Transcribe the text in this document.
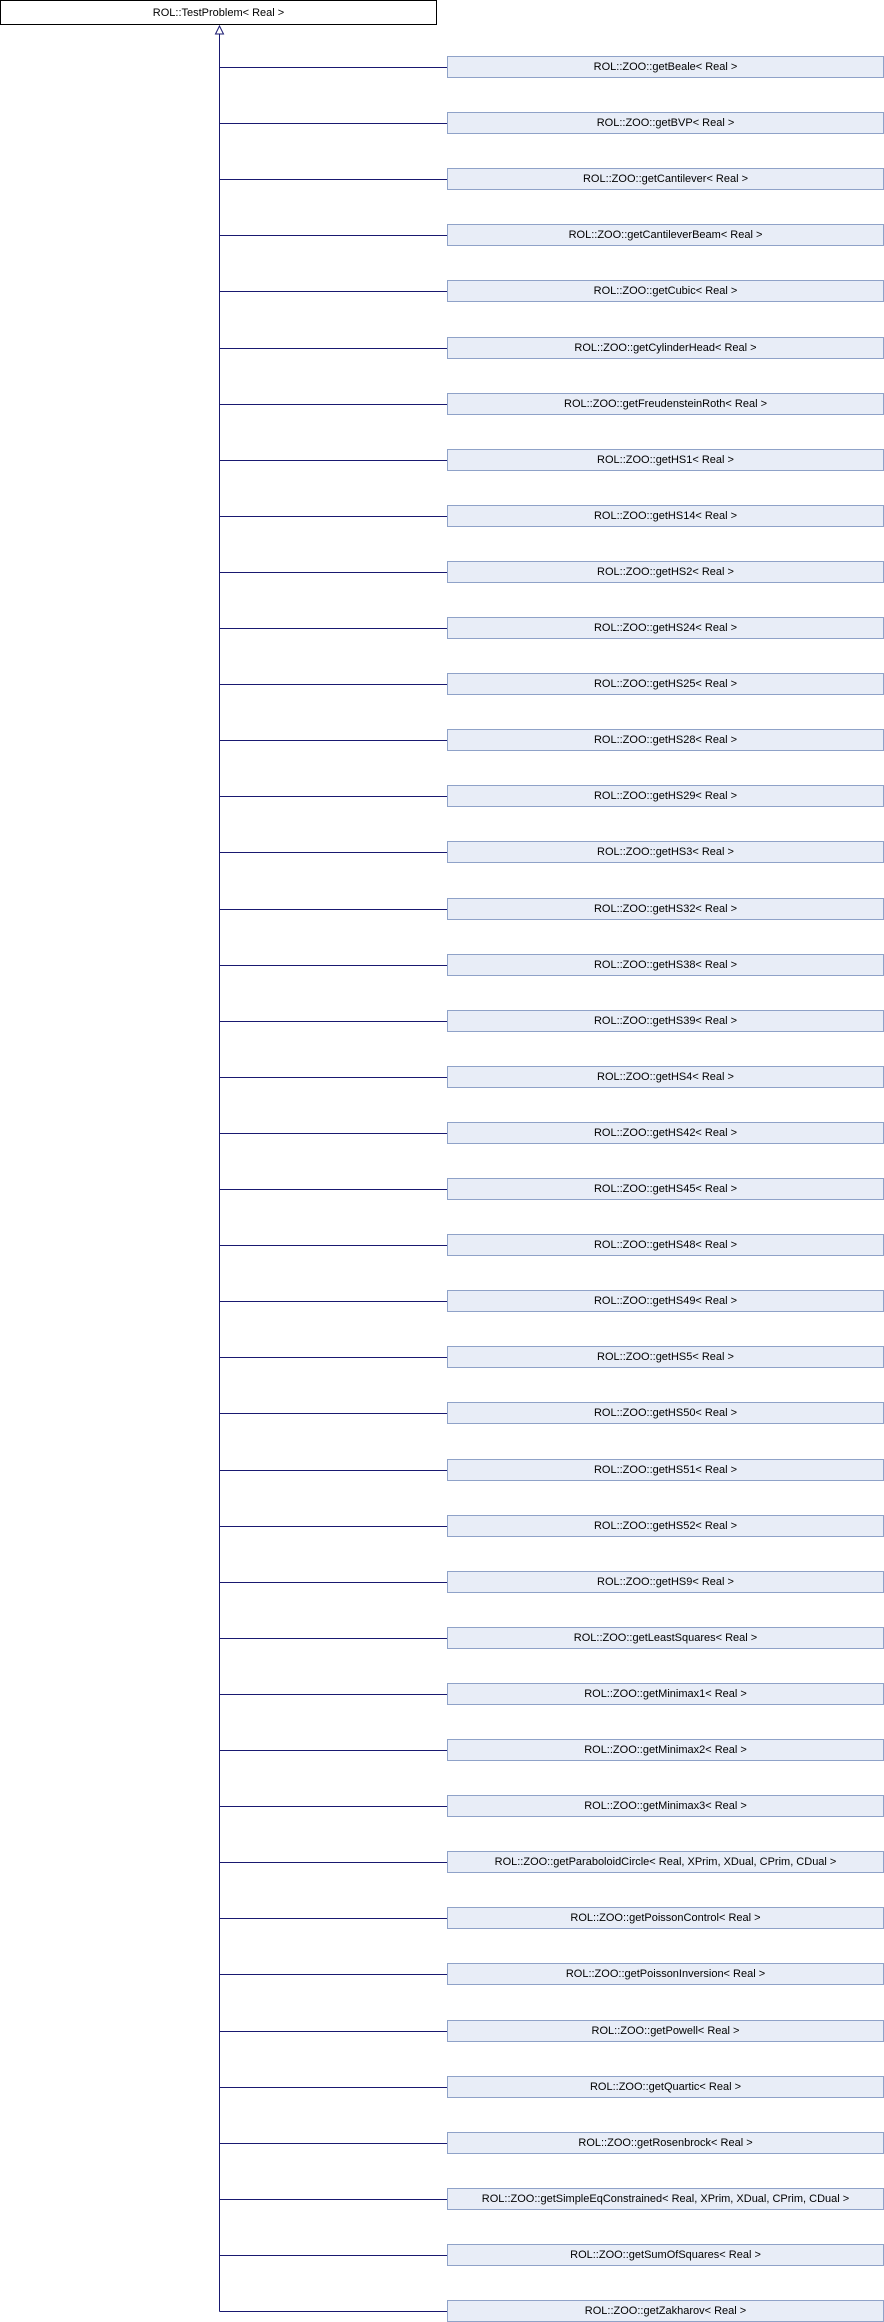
ROL::TestProblem< Real >
ROL::ZOO::getBeale< Real >
ROL::ZOO::getBVP< Real >
ROL::ZOO::getCantilever< Real >
ROL::ZOO::getCantileverBeam< Real >
ROL::ZOO::getCubic< Real >
ROL::ZOO::getCylinderHead< Real >
ROL::ZOO::getFreudensteinRoth< Real >
ROL::ZOO::getHS1< Real >
ROL::ZOO::getHS14< Real >
ROL::ZOO::getHS2< Real >
ROL::ZOO::getHS24< Real >
ROL::ZOO::getHS25< Real >
ROL::ZOO::getHS28< Real >
ROL::ZOO::getHS29< Real >
ROL::ZOO::getHS3< Real >
ROL::ZOO::getHS32< Real >
ROL::ZOO::getHS38< Real >
ROL::ZOO::getHS39< Real >
ROL::ZOO::getHS4< Real >
ROL::ZOO::getHS42< Real >
ROL::ZOO::getHS45< Real >
ROL::ZOO::getHS48< Real >
ROL::ZOO::getHS49< Real >
ROL::ZOO::getHS5< Real >
ROL::ZOO::getHS50< Real >
ROL::ZOO::getHS51< Real >
ROL::ZOO::getHS52< Real >
ROL::ZOO::getHS9< Real >
ROL::ZOO::getLeastSquares< Real >
ROL::ZOO::getMinimax1< Real >
ROL::ZOO::getMinimax2< Real >
ROL::ZOO::getMinimax3< Real >
ROL::ZOO::getParaboloidCircle< Real, XPrim, XDual, CPrim, CDual >
ROL::ZOO::getPoissonControl< Real >
ROL::ZOO::getPoissonInversion< Real >
ROL::ZOO::getPowell< Real >
ROL::ZOO::getQuartic< Real >
ROL::ZOO::getRosenbrock< Real >
ROL::ZOO::getSimpleEqConstrained< Real, XPrim, XDual, CPrim, CDual >
ROL::ZOO::getSumOfSquares< Real >
ROL::ZOO::getZakharov< Real >
